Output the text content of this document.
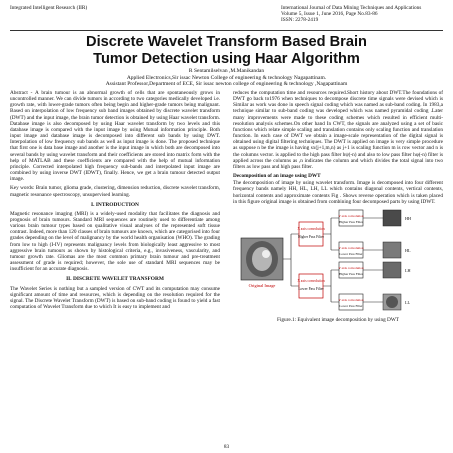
Integrated Intelligent Research (IIR)	International Journal of Data Mining Techniques and Applications
Volume 5, Issue 1, June 2016, Page No.83-86
ISSN: 2278-2419
Discrete Wavelet Transform Based Brain
Tumor Detection using Haar Algorithm
R Sentamilselvan ,M.Manikandan
Applied Electronics,Sir issac Newton College of engineering & technology Nagapattinam.
Assistant Professor,Department of ECE, Sir issac newton college of engineering & technology ,Nagapattinam

Abstract - A brain tumour is an abnormal growth of cells that are spontaneously grows in uncontrolled manner. We can divide tumors in according to two categories medically developed i.e. growth rate, with lower-grade tumors often being begin and higher-grade tumors being malignant. Based on interpolation of low frequency sub band images obtained by discrete wavelet transform (DWT) and the input image, the brain tumor detection is obtained by using Haar wavelet transform. Database image is also decomposed by using Haar wavelet transform by two levels and this database image is compared with the input image by using Mutual information principle. Both input image and database image is decomposed into different sub bands by using DWT. Interpolation of low frequency sub bands as well as input image is done. The proposed technique that first one is data base image and another is the input image in which both are decomposed into several bands by using wavelet transform and their coefficients are stored into matrix form with the help of MATLAB and these coefficients are compared with the help of mutual information principle. Corrected interpolated high frequency sub-bands and interpolated input image are combined by using inverse DWT (IDWT), finally. Hence, we get a brain tumour detected output image.

Key words: Brain tumor, glioma grade, clustering, dimension reduction, discrete wavelet transform, magnetic resonance spectroscopy, unsupervised learning.

I. INTRODUCTION

Magnetic resonance imaging (MRI) is a widely-used modality that facilitates the diagnosis and prognosis of brain tumours. Standard MRI sequences are routinely used to differentiate among various brain tumour types based on qualitative visual analyses of the represented soft tissue contrast. Indeed, more than 120 classes of brain tumours are known, which are categorised into four grades depending on the level of malignancy by the world health organisation (WHO). The grading from low to high (I-IV) represents malignancy levels from biologically least aggressive to most aggressive brain tumours as shown by histological criteria, e.g., invasiveness, vascularity, and tumour growth rate. Gliomas are the most common primary brain tumour and pre-treatment assessment of grade is required; however, the sole use of standard MRI sequences may be insufficient for an accurate diagnosis.

II. DISCRETE WAVELET TRANSFORM

The Wavelet Series is nothing but a sampled version of CWT and its computation may consume significant amount of time and resources, which is depending on the resolution required for the signal. The Discrete Wavelet Transform (DWT) is based on sub-band coding is found to yield a fast computation of Wavelet Transform due to which It is easy to implement and

reduces the computation time and resources required.Short history about DWT.The foundations of DWT go back to1976 when techniques to decompose discrete time signals were devised which is Similar as work was done in speech signal coding which was named as sub-band coding. In 1983,a technique similar to sub-band coding was developed which was named pyramidal coding .Later many improvements were made to these coding schemes which resulted in efficient multi-resolution analysis schemes.On other hand In CWT, the signals are analyzed using a set of basic functions which relate simple scaling and translation contains only scaling function and translation function. In each case of DWT we obtain a image-scale representation of the digital signal is obtained using digital filtering techniques. The DWT is applied on image is very simple procedure as suppose n be the image is having sx(j+1,m,n) as j+1 is scaling function m is row vector and n is the columns vector. is applied to the high pass filter hψ(-n) and also to low pass filter hφ(-n) filter is applied across the columns as ,n indicates the column and which divides the total signal into two filters as low pass and high pass filter.

Decomposition of an image using DWT

The decomposition of image by using wavelet transform. Image is decomposed into four different frequency bands namely HH, HL, LH, LL which contains diagonal contents, vertical contents, horizontal contents and approximate contents Fig . Shows reverse operation which is taken placed in this figure original image is obtained from combining four decomposed parts by using IDWT.

Original Image
X axis convolution
Higher Pass Filter
X axis convolution
Lower Pass Filter
Y axis convolution
Higher Pass Filter
Y axis convolution
Lower Pass Filter
Y axis convolution
Higher Pass Filter
Y axis convolution
Lower Pass Filter
HH
HL
LH
LL
Figure.1: Equivalent image decomposition by using DWT
83
